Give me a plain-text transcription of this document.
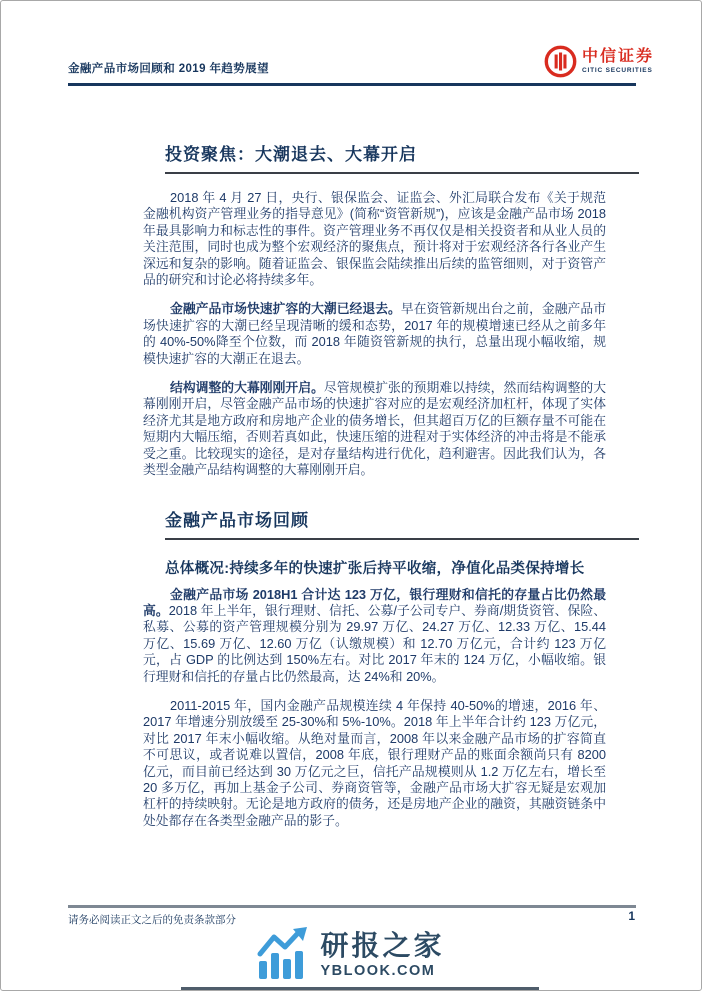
金融产品市场回顾和 2019 年趋势展望
中信证券
CITIC SECURITIES
投资聚焦：大潮退去、大幕开启

2018 年 4 月 27 日，央行、银保监会、证监会、外汇局联合发布《关于规范金融机构资产管理业务的指导意见》(简称“资管新规”)，应该是金融产品市场 2018 年最具影响力和标志性的事件。资产管理业务不再仅仅是相关投资者和从业人员的关注范围，同时也成为整个宏观经济的聚焦点，预计将对于宏观经济各行各业产生深远和复杂的影响。随着证监会、银保监会陆续推出后续的监管细则，对于资管产品的研究和讨论必将持续多年。

金融产品市场快速扩容的大潮已经退去。早在资管新规出台之前，金融产品市场快速扩容的大潮已经呈现清晰的缓和态势，2017 年的规模增速已经从之前多年的 40%-50%降至个位数，而 2018 年随资管新规的执行，总量出现小幅收缩，规模快速扩容的大潮正在退去。

结构调整的大幕刚刚开启。尽管规模扩张的预期难以持续，然而结构调整的大幕刚刚开启，尽管金融产品市场的快速扩容对应的是宏观经济加杠杆，体现了实体经济尤其是地方政府和房地产企业的债务增长，但其超百万亿的巨额存量不可能在短期内大幅压缩，否则若真如此，快速压缩的进程对于实体经济的冲击将是不能承受之重。比较现实的途径，是对存量结构进行优化，趋利避害。因此我们认为，各类型金融产品结构调整的大幕刚刚开启。

金融产品市场回顾
总体概况:持续多年的快速扩张后持平收缩，净值化品类保持增长

金融产品市场 2018H1 合计达 123 万亿，银行理财和信托的存量占比仍然最高。2018 年上半年，银行理财、信托、公募/子公司专户、券商/期货资管、保险、私募、公募的资产管理规模分别为 29.97 万亿、24.27 万亿、12.33 万亿、15.44 万亿、15.69 万亿、12.60 万亿（认缴规模）和 12.70 万亿元，合计约 123 万亿元，占 GDP 的比例达到 150%左右。对比 2017 年末的 124 万亿，小幅收缩。银行理财和信托的存量占比仍然最高，达 24%和 20%。

2011-2015 年，国内金融产品规模连续 4 年保持 40-50%的增速，2016 年、2017 年增速分别放缓至 25-30%和 5%-10%。2018 年上半年合计约 123 万亿元，对比 2017 年末小幅收缩。从绝对量而言，2008 年以来金融产品市场的扩容简直不可思议，或者说难以置信，2008 年底，银行理财产品的账面余额尚只有 8200 亿元，而目前已经达到 30 万亿元之巨，信托产品规模则从 1.2 万亿左右，增长至 20 多万亿，再加上基金子公司、券商资管等，金融产品市场大扩容无疑是宏观加杠杆的持续映射。无论是地方政府的债务，还是房地产企业的融资，其融资链条中处处都存在各类型金融产品的影子。

请务必阅读正文之后的免责条款部分	1
研报之家
YBLOOK.COM
